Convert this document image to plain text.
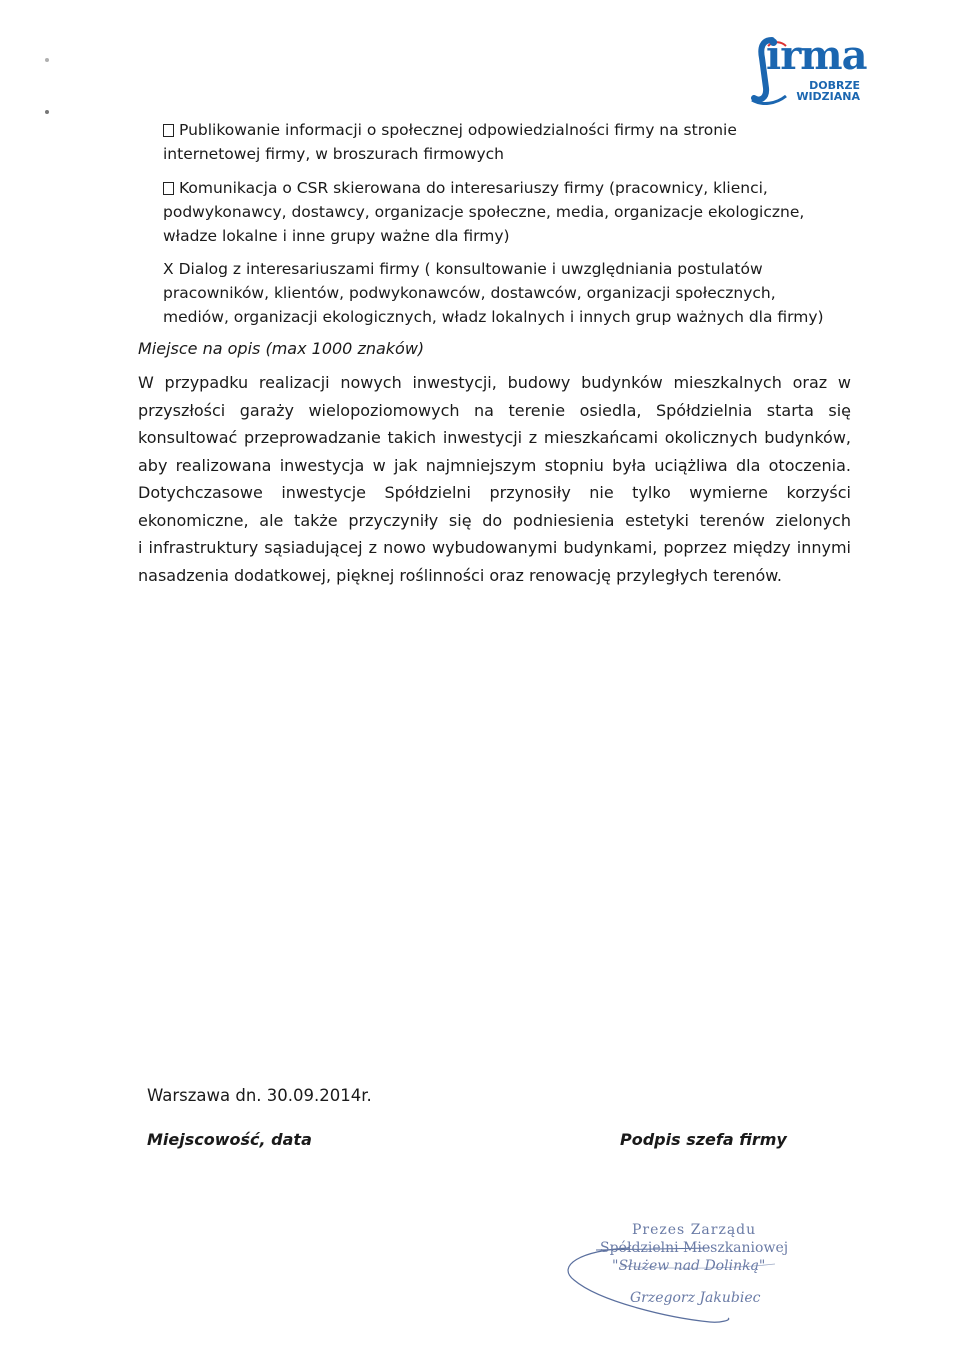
irma
DOBRZE
WIDZIANA
Publikowanie informacji o społecznej odpowiedzialności firmy na stronie
internetowej firmy, w broszurach firmowych
Komunikacja o CSR skierowana do interesariuszy firmy (pracownicy, klienci,
podwykonawcy, dostawcy, organizacje społeczne, media, organizacje ekologiczne,
władze lokalne i inne grupy ważne dla firmy)
X Dialog z interesariuszami firmy ( konsultowanie i uwzględniania postulatów
pracowników, klientów, podwykonawców, dostawców, organizacji społecznych,
mediów, organizacji ekologicznych, władz lokalnych i innych grup ważnych dla firmy)
Miejsce na opis (max 1000 znaków)
W przypadku realizacji nowych inwestycji, budowy budynków mieszkalnych oraz w
przyszłości garaży wielopoziomowych na terenie osiedla, Spółdzielnia starta się
konsultować przeprowadzanie takich inwestycji z mieszkańcami okolicznych budynków,
aby realizowana inwestycja w jak najmniejszym stopniu była uciążliwa dla otoczenia.
Dotychczasowe inwestycje Spółdzielni przynosiły nie tylko wymierne korzyści
ekonomiczne, ale także przyczyniły się do podniesienia estetyki terenów zielonych
i infrastruktury sąsiadującej z nowo wybudowanymi budynkami, poprzez między innymi
nasadzenia dodatkowej, pięknej roślinności oraz renowację przyległych terenów.
Warszawa dn. 30.09.2014r.
Miejscowość, data	Podpis szefa firmy
Prezes Zarządu
Spółdzielni Mieszkaniowej
"Służew nad Dolinką"
Grzegorz Jakubiec
